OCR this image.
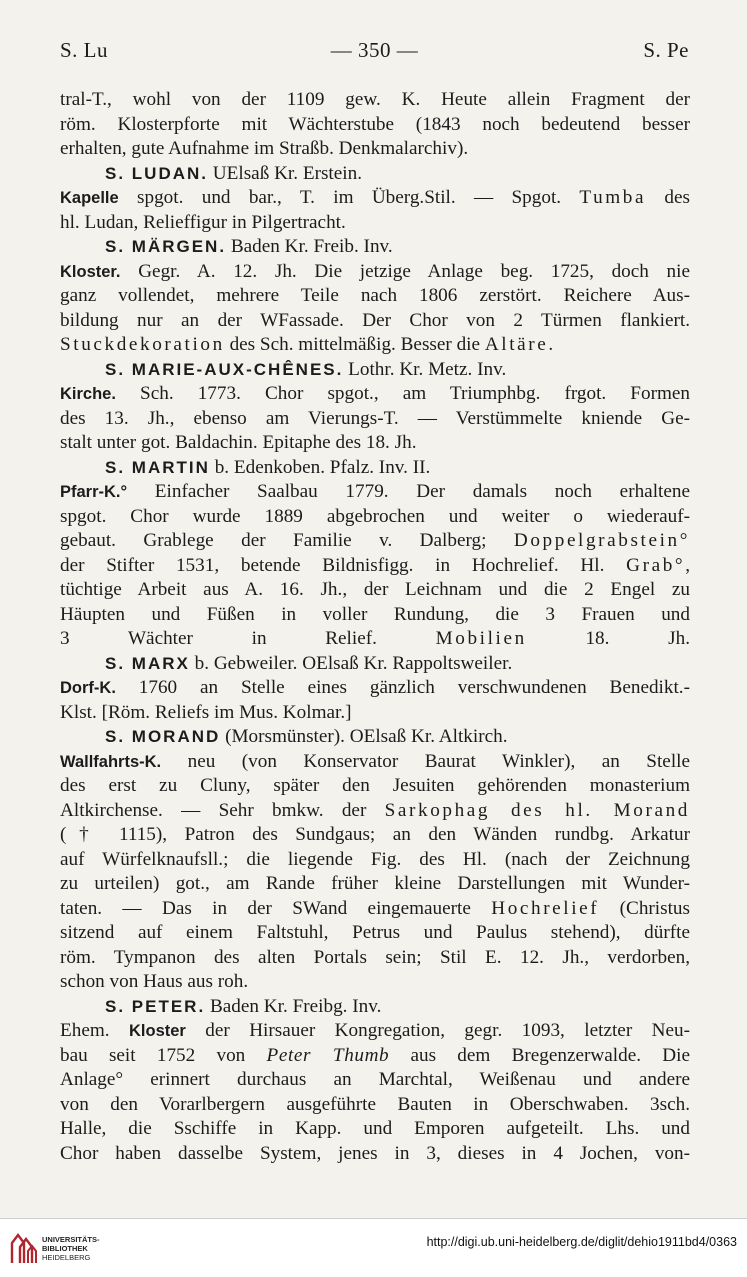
S. Lu	— 350 —	S. Pe
tral-T., wohl von der 1109 gew. K. Heute allein Fragment der
röm. Klosterpforte mit Wächterstube (1843 noch bedeutend besser
erhalten, gute Aufnahme im Straßb. Denkmalarchiv).
S. LUDAN. UElsaß Kr. Erstein.
Kapelle spgot. und bar., T. im Überg.Stil. — Spgot. Tumba des
hl. Ludan, Relieffigur in Pilgertracht.
S. MÄRGEN. Baden Kr. Freib. Inv.
Kloster. Gegr. A. 12. Jh. Die jetzige Anlage beg. 1725, doch nie
ganz vollendet, mehrere Teile nach 1806 zerstört. Reichere Aus-
bildung nur an der WFassade. Der Chor von 2 Türmen flankiert.
Stuckdekoration des Sch. mittelmäßig. Besser die Altäre.
S. MARIE-AUX-CHÊNES. Lothr. Kr. Metz. Inv.
Kirche. Sch. 1773. Chor spgot., am Triumphbg. frgot. Formen
des 13. Jh., ebenso am Vierungs-T. — Verstümmelte kniende Ge-
stalt unter got. Baldachin. Epitaphe des 18. Jh.
S. MARTIN b. Edenkoben. Pfalz. Inv. II.
Pfarr-K.° Einfacher Saalbau 1779. Der damals noch erhaltene
spgot. Chor wurde 1889 abgebrochen und weiter o wiederauf-
gebaut. Grablege der Familie v. Dalberg; Doppelgrabstein°
der Stifter 1531, betende Bildnisfigg. in Hochrelief. Hl. Grab°,
tüchtige Arbeit aus A. 16. Jh., der Leichnam und die 2 Engel zu
Häupten und Füßen in voller Rundung, die 3 Frauen und
3 Wächter in Relief. Mobilien 18. Jh.
S. MARX b. Gebweiler. OElsaß Kr. Rappoltsweiler.
Dorf-K. 1760 an Stelle eines gänzlich verschwundenen Benedikt.-
Klst. [Röm. Reliefs im Mus. Kolmar.]
S. MORAND (Morsmünster). OElsaß Kr. Altkirch.
Wallfahrts-K. neu (von Konservator Baurat Winkler), an Stelle
des erst zu Cluny, später den Jesuiten gehörenden monasterium
Altkirchense. — Sehr bmkw. der Sarkophag des hl. Morand
(† 1115), Patron des Sundgaus; an den Wänden rundbg. Arkatur
auf Würfelknaufsll.; die liegende Fig. des Hl. (nach der Zeichnung
zu urteilen) got., am Rande früher kleine Darstellungen mit Wunder-
taten. — Das in der SWand eingemauerte Hochrelief (Christus
sitzend auf einem Faltstuhl, Petrus und Paulus stehend), dürfte
röm. Tympanon des alten Portals sein; Stil E. 12. Jh., verdorben,
schon von Haus aus roh.
S. PETER. Baden Kr. Freibg. Inv.
Ehem. Kloster der Hirsauer Kongregation, gegr. 1093, letzter Neu-
bau seit 1752 von Peter Thumb aus dem Bregenzerwalde. Die
Anlage° erinnert durchaus an Marchtal, Weißenau und andere
von den Vorarlbergern ausgeführte Bauten in Oberschwaben. 3sch.
Halle, die Sschiffe in Kapp. und Emporen aufgeteilt. Lhs. und
Chor haben dasselbe System, jenes in 3, dieses in 4 Jochen, von-
UNIVERSITÄTS-
BIBLIOTHEK
HEIDELBERG
http://digi.ub.uni-heidelberg.de/diglit/dehio1911bd4/0363
